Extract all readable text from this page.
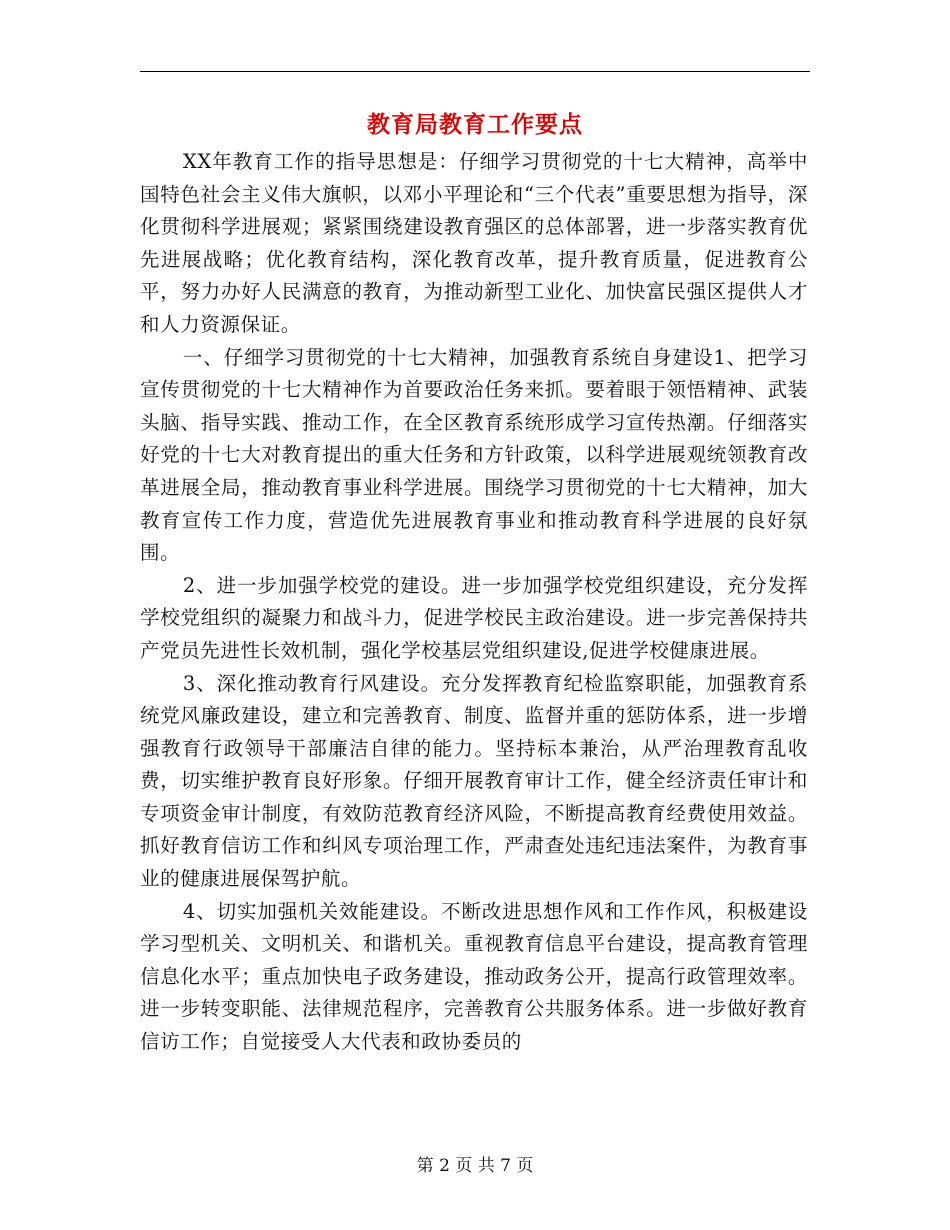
教育局教育工作要点

XX年教育工作的指导思想是：仔细学习贯彻党的十七大精神，高举中国特色社会主义伟大旗帜，以邓小平理论和“三个代表”重要思想为指导，深化贯彻科学进展观；紧紧围绕建设教育强区的总体部署，进一步落实教育优先进展战略；优化教育结构，深化教育改革，提升教育质量，促进教育公平，努力办好人民满意的教育，为推动新型工业化、加快富民强区提供人才和人力资源保证。

一、仔细学习贯彻党的十七大精神，加强教育系统自身建设1、把学习宣传贯彻党的十七大精神作为首要政治任务来抓。要着眼于领悟精神、武装头脑、指导实践、推动工作，在全区教育系统形成学习宣传热潮。仔细落实好党的十七大对教育提出的重大任务和方针政策，以科学进展观统领教育改革进展全局，推动教育事业科学进展。围绕学习贯彻党的十七大精神，加大教育宣传工作力度，营造优先进展教育事业和推动教育科学进展的良好氛围。

2、进一步加强学校党的建设。进一步加强学校党组织建设，充分发挥学校党组织的凝聚力和战斗力，促进学校民主政治建设。进一步完善保持共产党员先进性长效机制，强化学校基层党组织建设,促进学校健康进展。

3、深化推动教育行风建设。充分发挥教育纪检监察职能，加强教育系统党风廉政建设，建立和完善教育、制度、监督并重的惩防体系，进一步增强教育行政领导干部廉洁自律的能力。坚持标本兼治，从严治理教育乱收费，切实维护教育良好形象。仔细开展教育审计工作，健全经济责任审计和专项资金审计制度，有效防范教育经济风险，不断提高教育经费使用效益。抓好教育信访工作和纠风专项治理工作，严肃查处违纪违法案件，为教育事业的健康进展保驾护航。

4、切实加强机关效能建设。不断改进思想作风和工作作风，积极建设学习型机关、文明机关、和谐机关。重视教育信息平台建设，提高教育管理信息化水平；重点加快电子政务建设，推动政务公开，提高行政管理效率。进一步转变职能、法律规范程序，完善教育公共服务体系。进一步做好教育信访工作；自觉接受人大代表和政协委员的

第 2 页 共 7 页
